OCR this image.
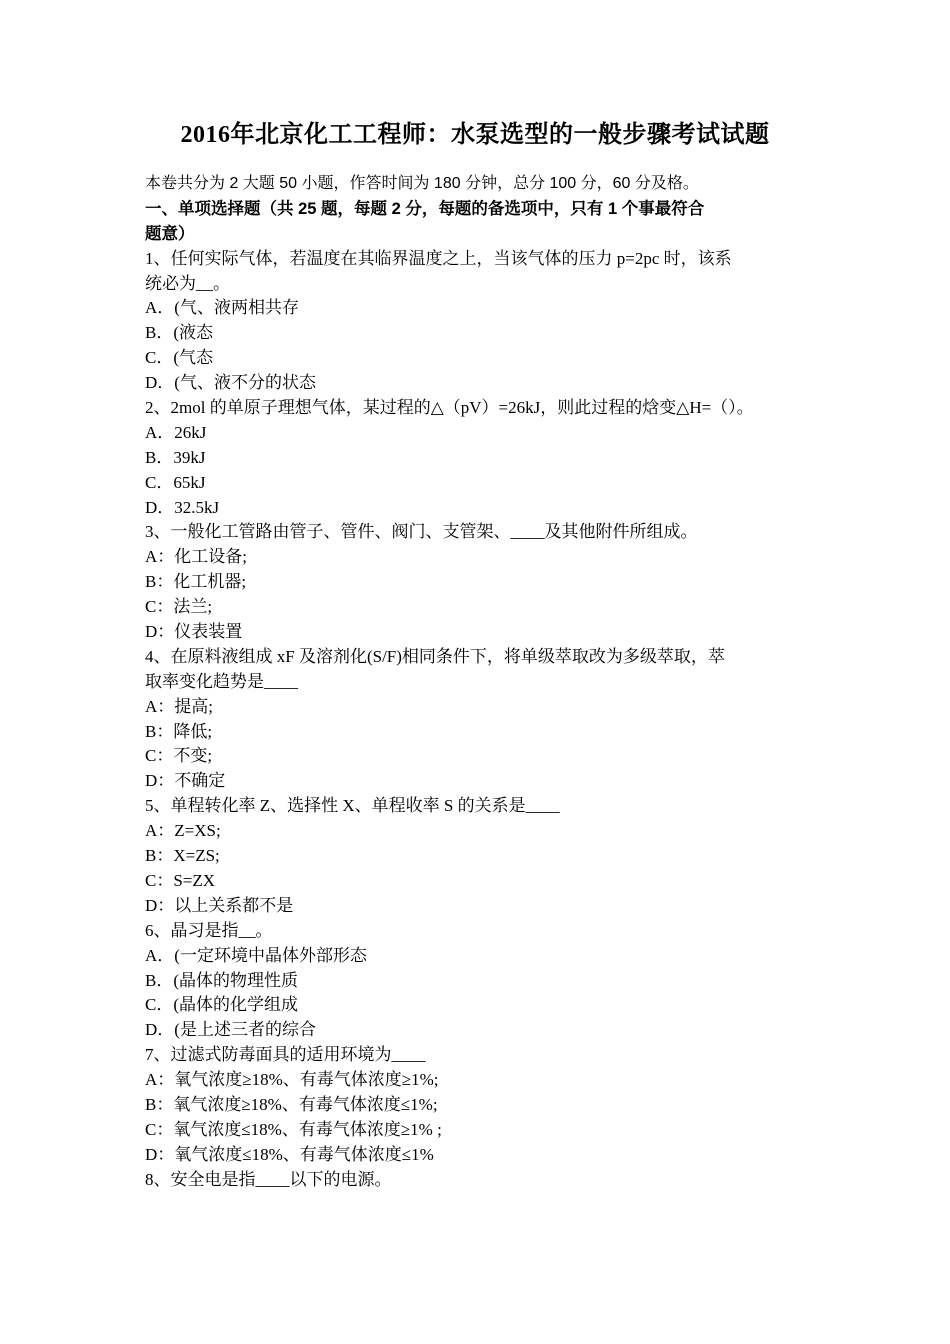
2016年北京化工工程师：水泵选型的一般步骤考试试题
本卷共分为 2 大题 50 小题，作答时间为 180 分钟，总分 100 分，60 分及格。
一、单项选择题（共 25 题，每题 2 分，每题的备选项中，只有 1 个事最符合
题意）
1、任何实际气体，若温度在其临界温度之上，当该气体的压力 p=2pc 时，该系
统必为__。
A．(气、液两相共存
B．(液态
C．(气态
D．(气、液不分的状态
2、2mol 的单原子理想气体，某过程的△（pV）=26kJ，则此过程的焓变△H=（）。
A．26kJ
B．39kJ
C．65kJ
D．32.5kJ
3、一般化工管路由管子、管件、阀门、支管架、____及其他附件所组成。
A：化工设备;
B：化工机器;
C：法兰;
D：仪表装置
4、在原料液组成 xF 及溶剂化(S/F)相同条件下，将单级萃取改为多级萃取，萃
取率变化趋势是____
A：提高;
B：降低;
C：不变;
D：不确定
5、单程转化率 Z、选择性 X、单程收率 S 的关系是____
A：Z=XS;
B：X=ZS;
C：S=ZX
D：以上关系都不是
6、晶习是指__。
A．(一定环境中晶体外部形态
B．(晶体的物理性质
C．(晶体的化学组成
D．(是上述三者的综合
7、过滤式防毒面具的适用环境为____
A：氧气浓度≥18%、有毒气体浓度≥1%;
B：氧气浓度≥18%、有毒气体浓度≤1%;
C：氧气浓度≤18%、有毒气体浓度≥1% ;
D：氧气浓度≤18%、有毒气体浓度≤1%
8、安全电是指____以下的电源。
